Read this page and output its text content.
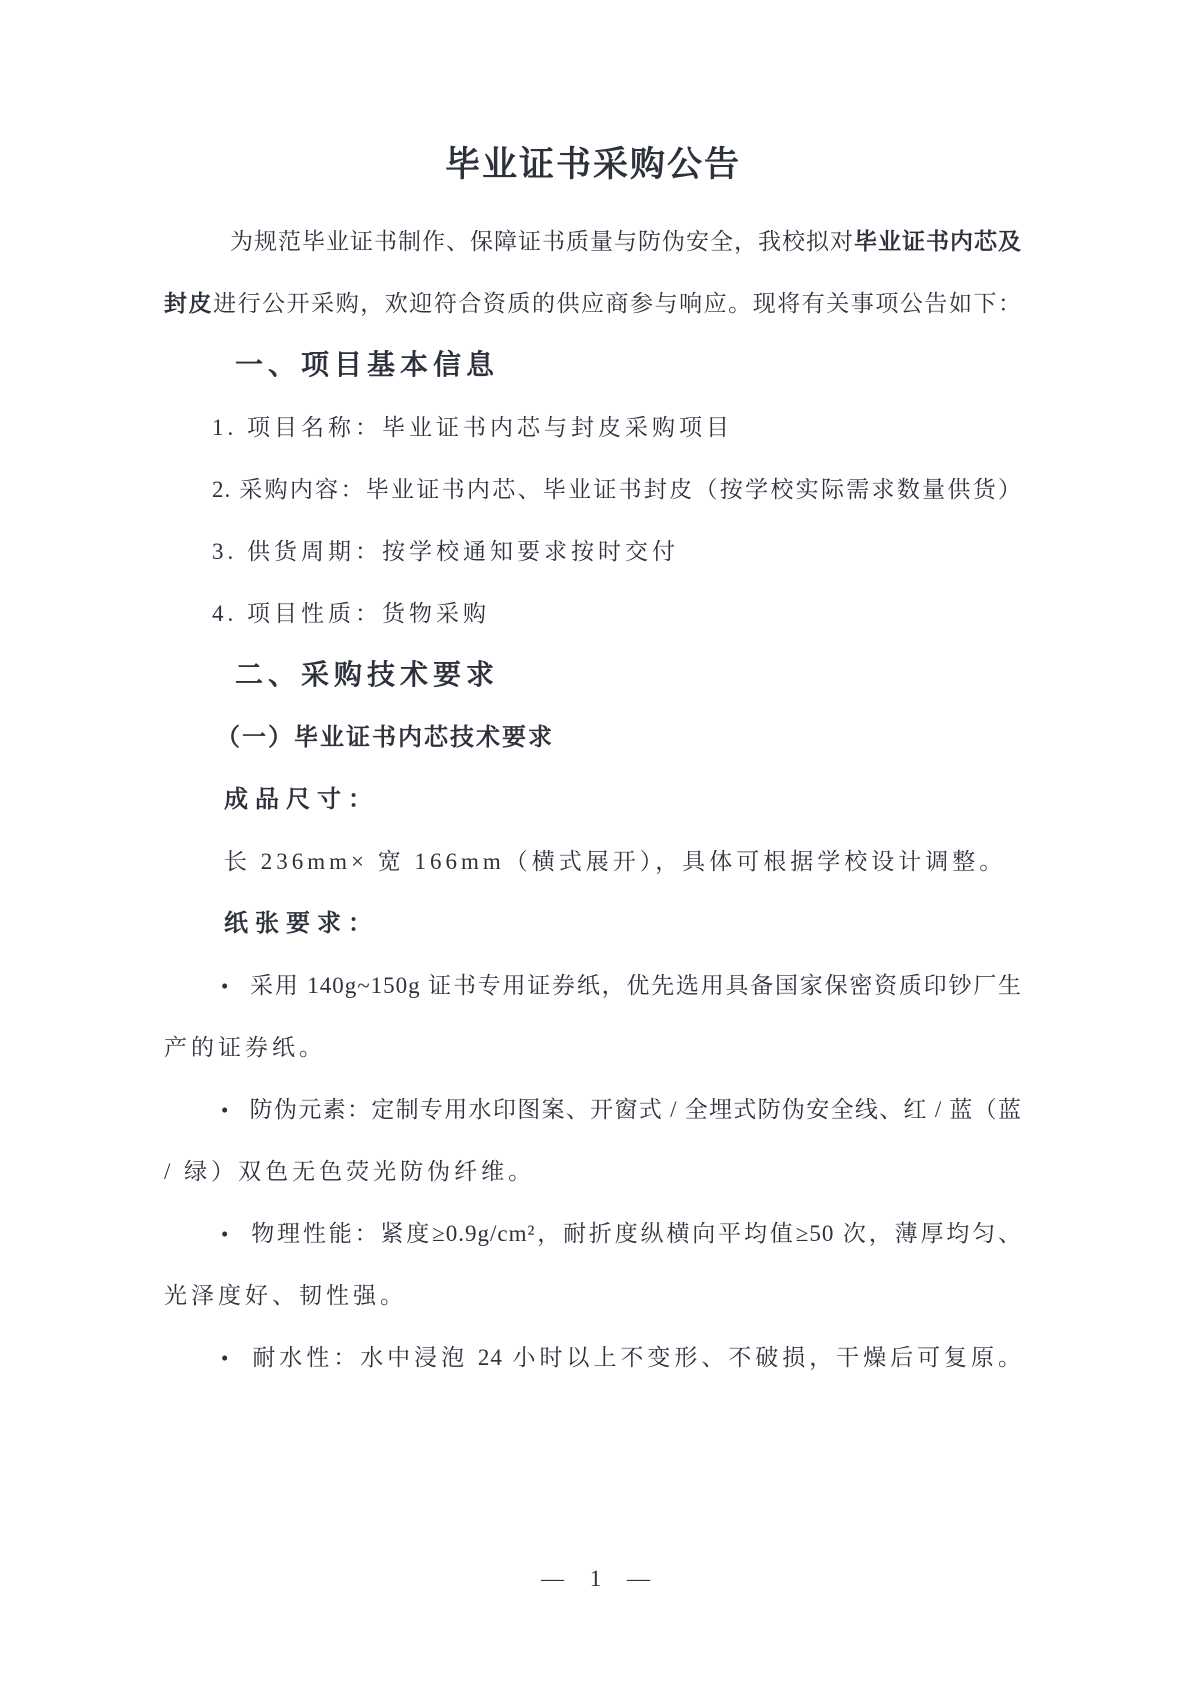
毕业证书采购公告
为规范毕业证书制作、保障证书质量与防伪安全，我校拟对毕业证书内芯及
封皮进行公开采购，欢迎符合资质的供应商参与响应。现将有关事项公告如下：
一、项目基本信息
1. 项目名称：毕业证书内芯与封皮采购项目
2. 采购内容：毕业证书内芯、毕业证书封皮（按学校实际需求数量供货）
3. 供货周期：按学校通知要求按时交付
4. 项目性质：货物采购
二、采购技术要求
（一）毕业证书内芯技术要求
成品尺寸：
长 236mm× 宽 166mm（横式展开），具体可根据学校设计调整。
纸张要求：
• 采用 140g~150g 证书专用证券纸，优先选用具备国家保密资质印钞厂生
产的证券纸。
• 防伪元素：定制专用水印图案、开窗式 / 全埋式防伪安全线、红 / 蓝（蓝
/ 绿）双色无色荧光防伪纤维。
• 物理性能：紧度≥0.9g/cm²，耐折度纵横向平均值≥50 次，薄厚均匀、
光泽度好、韧性强。
• 耐水性：水中浸泡 24 小时以上不变形、不破损，干燥后可复原。
— 1 —
